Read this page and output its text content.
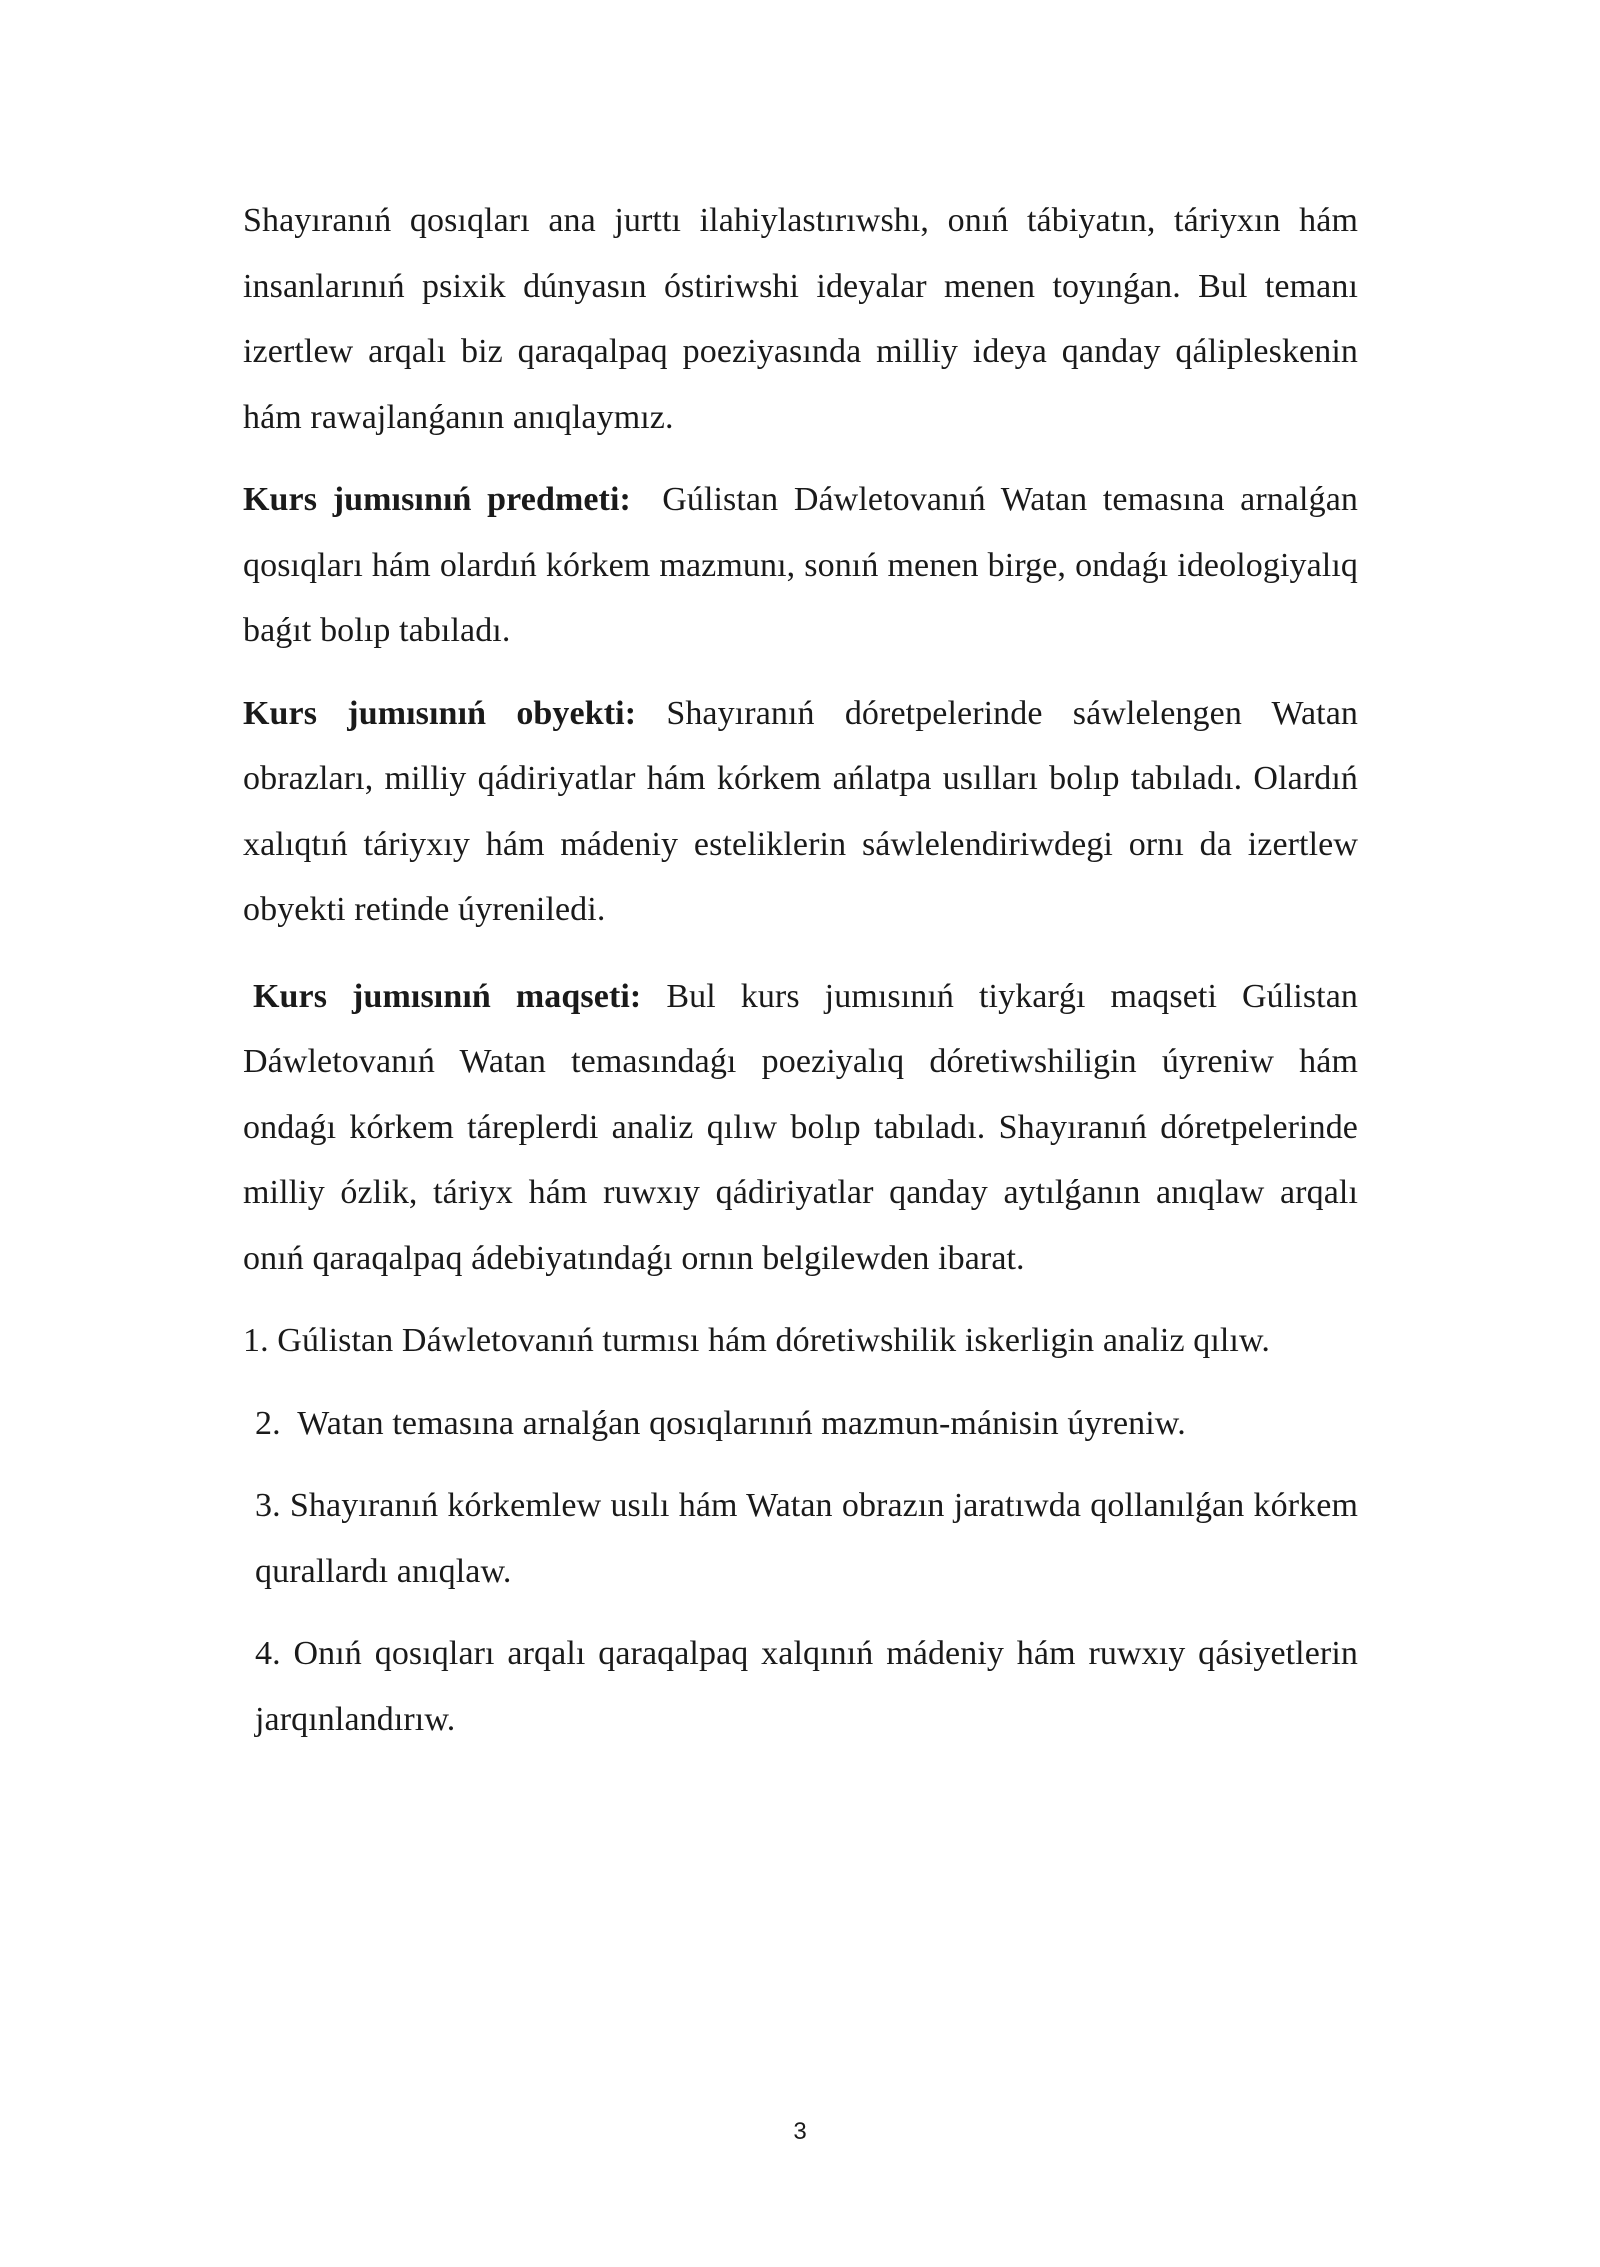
Shayıranıń qosıqları ana jurttı ilahiylastırıwshı, onıń tábiyatın, táriyxın hám insanlarınıń psixik dúnyasın óstiriwshi ideyalar menen toyınǵan. Bul temanı izertlew arqalı biz qaraqalpaq poeziyasında milliy ideya qanday qálipleskenin hám rawajlanǵanın anıqlaymız.

Kurs jumısınıń predmeti:  Gúlistan Dáwletovanıń Watan temasına arnalǵan qosıqları hám olardıń kórkem mazmunı, sonıń menen birge, ondaǵı ideologiyalıq baǵıt bolıp tabıladı.

Kurs jumısınıń obyekti: Shayıranıń dóretpelerinde sáwlelengen Watan obrazları, milliy qádiriyatlar hám kórkem ańlatpa usılları bolıp tabıladı. Olardıń xalıqtıń táriyxıy hám mádeniy esteliklerin sáwlelendiriwdegi ornı da izertlew obyekti retinde úyreniledi.

Kurs jumısınıń maqseti: Bul kurs jumısınıń tiykarǵı maqseti Gúlistan Dáwletovanıń Watan temasındaǵı poeziyalıq dóretiwshiligin úyreniw hám ondaǵı kórkem táreplerdi analiz qılıw bolıp tabıladı. Shayıranıń dóretpelerinde milliy ózlik, táriyx hám ruwxıy qádiriyatlar qanday aytılǵanın anıqlaw arqalı onıń qaraqalpaq ádebiyatındaǵı ornın belgilewden ibarat.

1. Gúlistan Dáwletovanıń turmısı hám dóretiwshilik iskerligin analiz qılıw.

2.  Watan temasına arnalǵan qosıqlarınıń mazmun-mánisin úyreniw.

3. Shayıranıń kórkemlew usılı hám Watan obrazın jaratıwda qollanılǵan kórkem qurallardı anıqlaw.

4. Onıń qosıqları arqalı qaraqalpaq xalqınıń mádeniy hám ruwxıy qásiyetlerin jarqınlandırıw.

3
